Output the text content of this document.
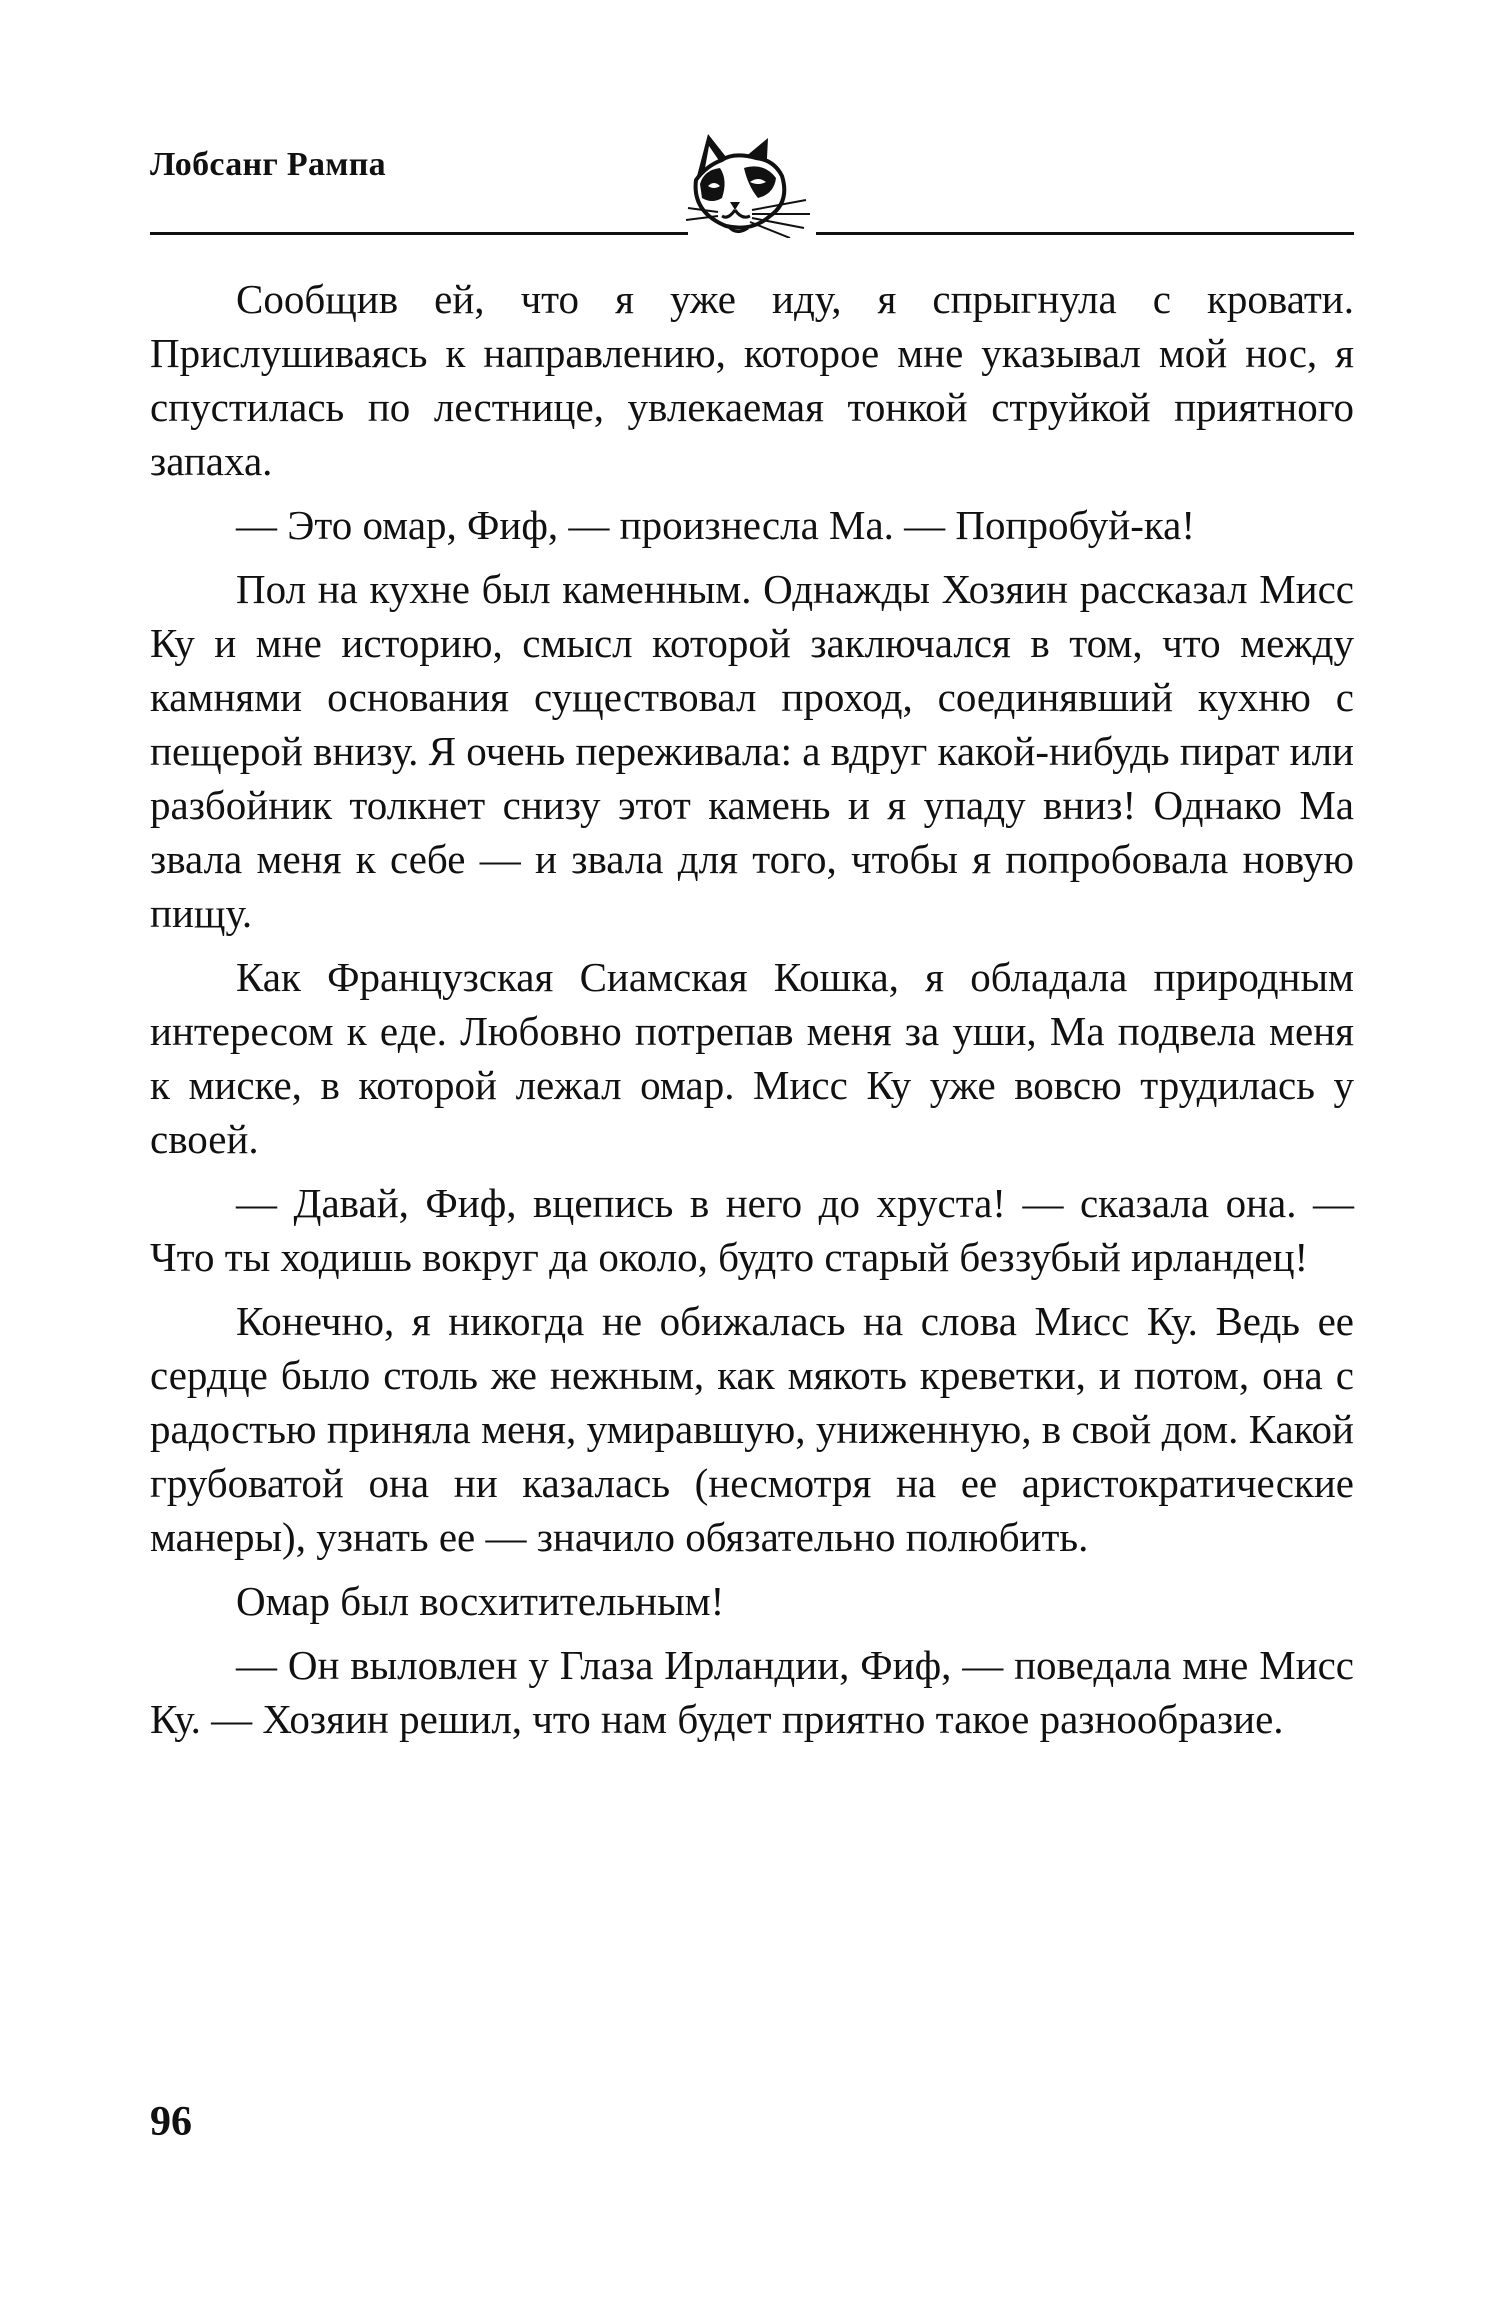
Лобсанг Рампа

Сообщив ей, что я уже иду, я спрыгнула с кровати. Прислушиваясь к направлению, которое мне указывал мой нос, я спустилась по лестнице, увлекаемая тонкой струйкой приятного запаха.

— Это омар, Фиф, — произнесла Ма. — Попробуй-ка!

Пол на кухне был каменным. Однажды Хозяин рассказал Мисс Ку и мне историю, смысл которой заключался в том, что между камнями основания существовал проход, соединявший кухню с пещерой внизу. Я очень переживала: а вдруг какой-нибудь пират или разбойник толкнет снизу этот камень и я упаду вниз! Однако Ма звала меня к себе — и звала для того, чтобы я попробовала новую пищу.

Как Французская Сиамская Кошка, я обладала природным интересом к еде. Любовно потрепав меня за уши, Ма подвела меня к миске, в которой лежал омар. Мисс Ку уже вовсю трудилась у своей.

— Давай, Фиф, вцепись в него до хруста! — сказала она. — Что ты ходишь вокруг да около, будто старый беззубый ирландец!

Конечно, я никогда не обижалась на слова Мисс Ку. Ведь ее сердце было столь же нежным, как мякоть креветки, и потом, она с радостью приняла меня, умиравшую, униженную, в свой дом. Какой грубоватой она ни казалась (несмотря на ее аристократические манеры), узнать ее — значило обязательно полюбить.

Омар был восхитительным!

— Он выловлен у Глаза Ирландии, Фиф, — поведала мне Мисс Ку. — Хозяин решил, что нам будет приятно такое разнообразие.

96
